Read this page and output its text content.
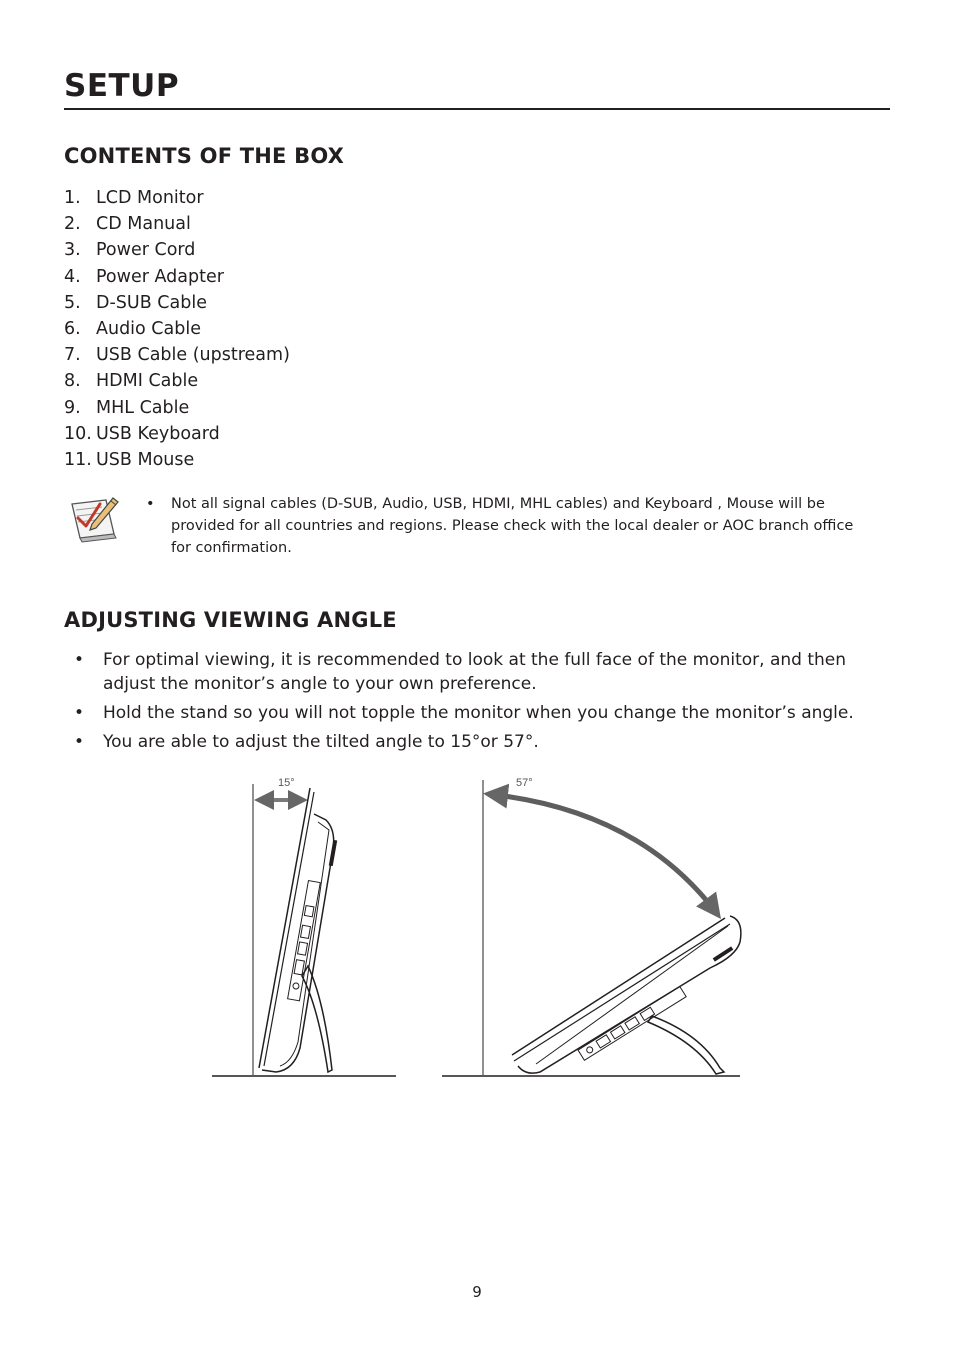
SETUP
CONTENTS OF THE BOX
1. LCD Monitor
2. CD Manual
3. Power Cord
4. Power Adapter
5. D-SUB Cable
6. Audio Cable
7. USB Cable (upstream)
8. HDMI Cable
9. MHL Cable
10. USB Keyboard
11. USB Mouse
• Not all signal cables (D-SUB, Audio, USB, HDMI, MHL cables) and Keyboard , Mouse will be provided for all countries and regions. Please check with the local dealer or AOC branch office for confirmation.
ADJUSTING VIEWING ANGLE
• For optimal viewing, it is recommended to look at the full face of the monitor, and then adjust the monitor’s angle to your own preference.
• Hold the stand so you will not topple the monitor when you change the monitor’s angle.
• You are able to adjust the tilted angle to 15°or 57°.
15°	57°
9
